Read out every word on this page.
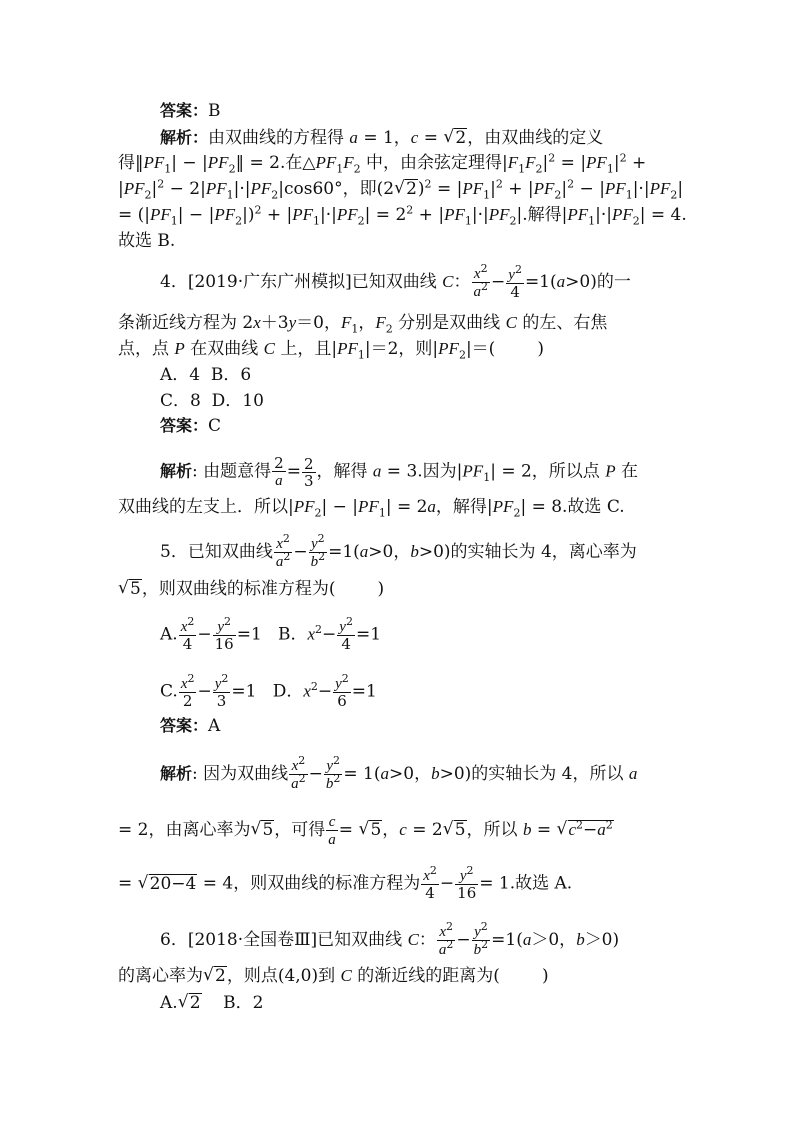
答案：B
解析：由双曲线的方程得 a = 1，c = √ 2，由双曲线的定义
得$‖PF_1|$ − $|PF_2‖ = 2$.在$\triangle PF_1F_2$ 中，由余弦定理得$|F_1F_2|^2 = |PF_1|^2$ +
$|PF_2|^2 - 2|PF_1|\cdot|PF_2|\cos 60^\circ$，即(2 √ $2)^2 = |PF_1|^2 + |PF_2|^2 - |PF_1|\cdot|PF_2|$
= $(|PF_1| - |PF_2|)^2 + |PF_1|\cdot|PF_2| = 2^2 + |PF_1|\cdot|PF_2|$.解得$|PF_1|\cdot|PF_2| = 4$.
故选 B.
4．[2019·广东广州模拟]已知双曲线 C： $\frac{x^2}{a^2} - \frac{y^2}{4} =1(a>0)$的一
条渐近线方程为 2x＋3y＝0，$F_1$，$F_2$ 分别是双曲线 C 的左、右焦
点，点 P 在双曲线 C 上，且$|PF_1|=2$，则$|PF_2|=$( )
A．4 B．6
C．8 D．10
答案：C
解析: 由题意得 $\frac{2}{a} = \frac{2}{3}$ ，解得 a = 3.因为$|PF_1| = 2$，所以点 P 在
双曲线的左支上．所以$|PF_2| - |PF_1| = 2a$，解得$|PF_2| = 8$.故选 C.
5．已知双曲线 $\frac{x^2}{a^2} - \frac{y^2}{b^2} =1(a>0$，b>0)的实轴长为 4，离心率为
√ 5，则双曲线的标准方程为( )
A. $\frac{x^2}{4} - \frac{y^2}{16} =1$   B．$x^2- \frac{y^2}{4} =1$
C. $\frac{x^2}{2} - \frac{y^2}{3} =1$   D．$x^2- \frac{y^2}{6} =1$
答案：A
解析: 因为双曲线 $\frac{x^2}{a^2} - \frac{y^2}{b^2} = 1(a>0$，b>0)的实轴长为 4，所以 a
= 2，由离心率为 √ 5，可得 $\frac{c}{a}$ = √ 5，c = 2 √ 5，所以 b = √ $c^2-a^2$
= √ 20−4 = 4，则双曲线的标准方程为 $\frac{x^2}{4} - \frac{y^2}{16} = 1$.故选 A.
6．[2018·全国卷Ⅲ]已知双曲线 C： $\frac{x^2}{a^2} - \frac{y^2}{b^2} =1(a>0$，b＞0)
的离心率为 √ 2，则点(4,0)到 C 的渐近线的距离为( )
A. √ 2 B．2
